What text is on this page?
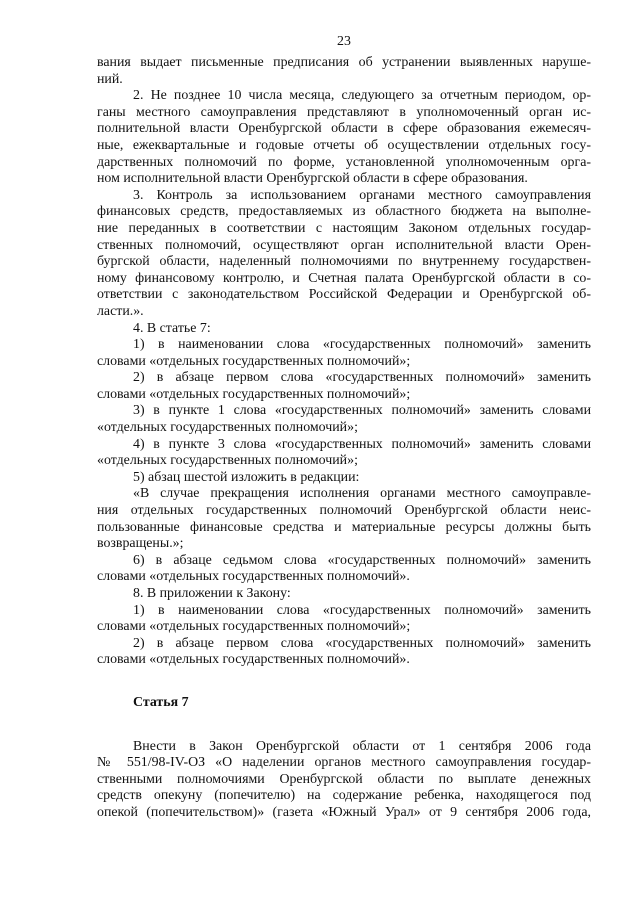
23
вания выдает письменные предписания об устранении выявленных наруше-
ний.
2. Не позднее 10 числа месяца, следующего за отчетным периодом, ор-
ганы местного самоуправления представляют в уполномоченный орган ис-
полнительной власти Оренбургской области в сфере образования ежемесяч-
ные, ежеквартальные и годовые отчеты об осуществлении отдельных госу-
дарственных полномочий по форме, установленной уполномоченным орга-
ном исполнительной власти Оренбургской области в сфере образования.
3. Контроль за использованием органами местного самоуправления
финансовых средств, предоставляемых из областного бюджета на выполне-
ние переданных в соответствии с настоящим Законом отдельных государ-
ственных полномочий, осуществляют орган исполнительной власти Орен-
бургской области, наделенный полномочиями по внутреннему государствен-
ному финансовому контролю, и Счетная палата Оренбургской области в со-
ответствии с законодательством Российской Федерации и Оренбургской об-
ласти.».
4. В статье 7:
1) в наименовании слова «государственных полномочий» заменить
словами «отдельных государственных полномочий»;
2) в абзаце первом слова «государственных полномочий» заменить
словами «отдельных государственных полномочий»;
3) в пункте 1 слова «государственных полномочий» заменить словами
«отдельных государственных полномочий»;
4) в пункте 3 слова «государственных полномочий» заменить словами
«отдельных государственных полномочий»;
5) абзац шестой изложить в редакции:
«В случае прекращения исполнения органами местного самоуправле-
ния отдельных государственных полномочий Оренбургской области неис-
пользованные финансовые средства и материальные ресурсы должны быть
возвращены.»;
6) в абзаце седьмом слова «государственных полномочий» заменить
словами «отдельных государственных полномочий».
8. В приложении к Закону:
1) в наименовании слова «государственных полномочий» заменить
словами «отдельных государственных полномочий»;
2) в абзаце первом слова «государственных полномочий» заменить
словами «отдельных государственных полномочий».
Статья 7
Внести в Закон Оренбургской области от 1 сентября 2006 года
№ 551/98-IV-ОЗ «О наделении органов местного самоуправления государ-
ственными полномочиями Оренбургской области по выплате денежных
средств опекуну (попечителю) на содержание ребенка, находящегося под
опекой (попечительством)» (газета «Южный Урал» от 9 сентября 2006 года,
